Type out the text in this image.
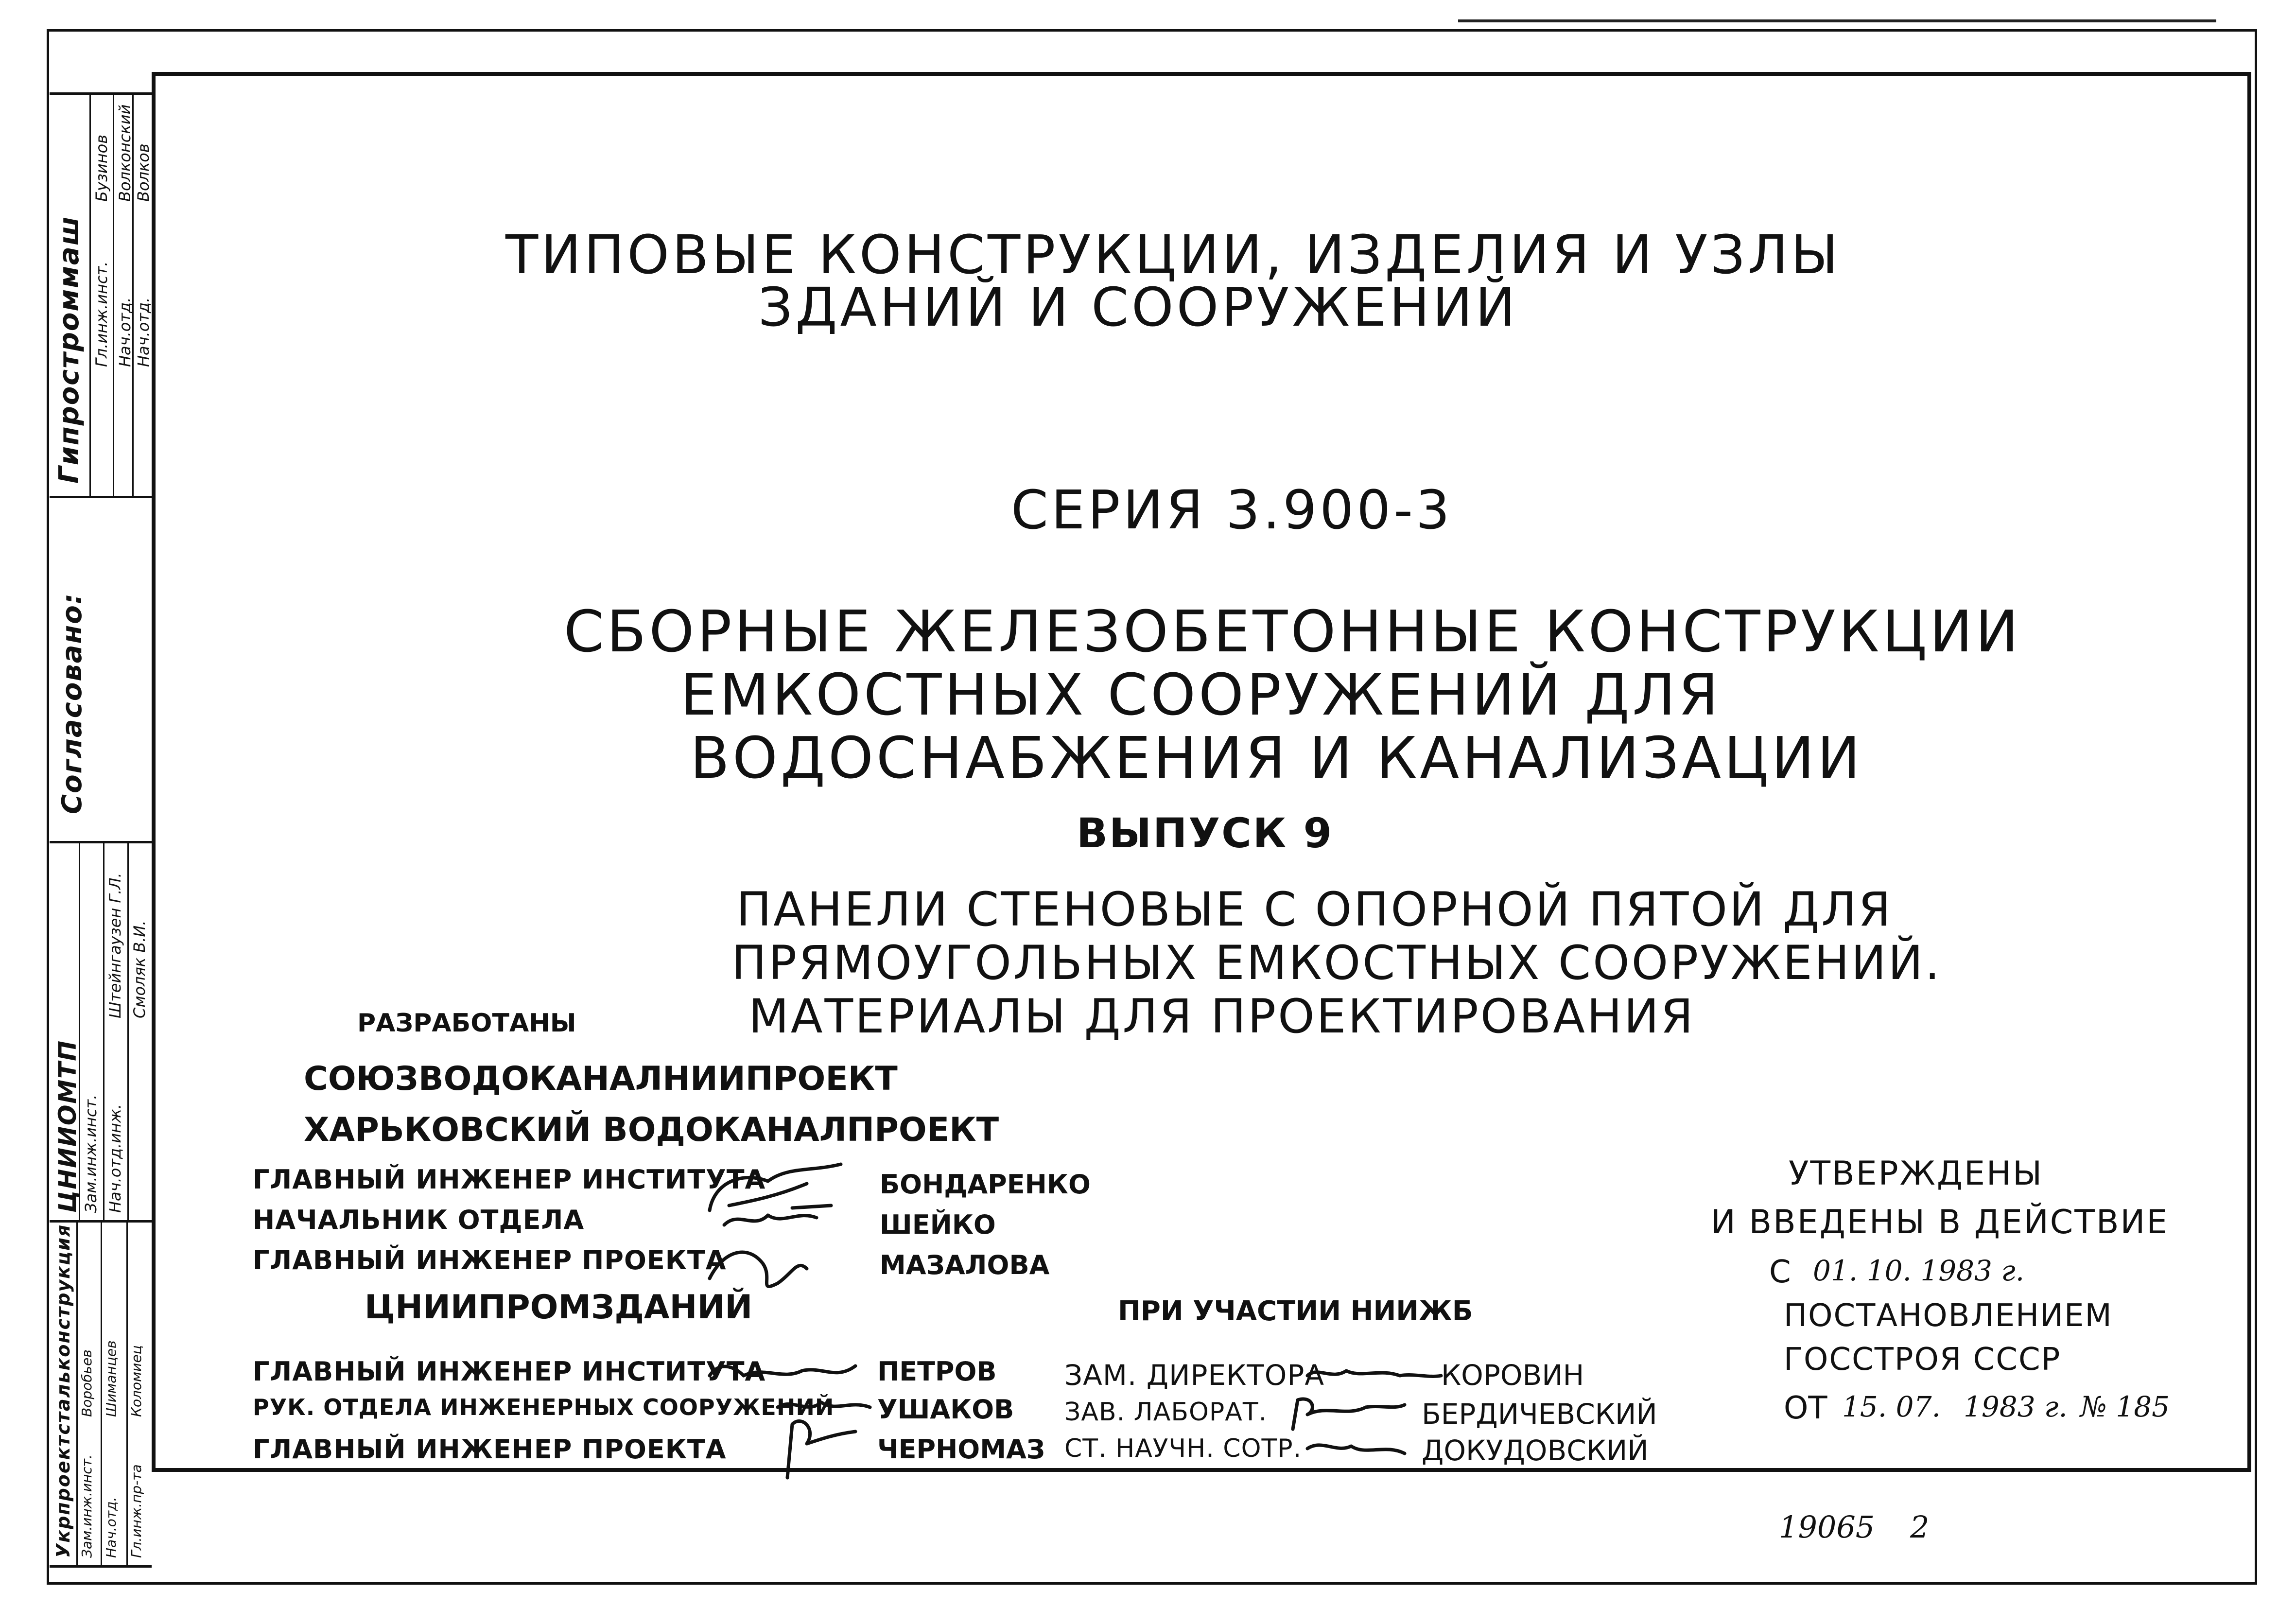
Гипростроммаш Гл.инж.инст. Нач.отд. Нач.отд.
Бузинов Волконский Волков
Согласовано:
ЦНИИОМТП Зам.инж.инст. Нач.отд.инж.
Штейнгаузен Г.Л. Смоляк В.И.
Укрпроектстальконструкция Зам.инж.инст. Нач.отд. Гл.инж.пр-та
Шиманцев Коломиец
Воробьев
ТИПОВЫЕ КОНСТРУКЦИИ, ИЗДЕЛИЯ И УЗЛЫ
ЗДАНИЙ И СООРУЖЕНИЙ
СЕРИЯ 3.900-3
СБОРНЫЕ ЖЕЛЕЗОБЕТОННЫЕ КОНСТРУКЦИИ
ЕМКОСТНЫХ СООРУЖЕНИЙ ДЛЯ
ВОДОСНАБЖЕНИЯ И КАНАЛИЗАЦИИ
ВЫПУСК 9
ПАНЕЛИ СТЕНОВЫЕ С ОПОРНОЙ ПЯТОЙ ДЛЯ
ПРЯМОУГОЛЬНЫХ ЕМКОСТНЫХ СООРУЖЕНИЙ.
МАТЕРИАЛЫ ДЛЯ ПРОЕКТИРОВАНИЯ
РАЗРАБОТАНЫ
СОЮЗВОДОКАНАЛНИИПРОЕКТ
ХАРЬКОВСКИЙ ВОДОКАНАЛПРОЕКТ
ГЛАВНЫЙ ИНЖЕНЕР ИНСТИТУТА
НАЧАЛЬНИК ОТДЕЛА
ГЛАВНЫЙ ИНЖЕНЕР ПРОЕКТА
БОНДАРЕНКО
ШЕЙКО
МАЗАЛОВА
ЦНИИПРОМЗДАНИЙ
ГЛАВНЫЙ ИНЖЕНЕР ИНСТИТУТА
РУК. ОТДЕЛА ИНЖЕНЕРНЫХ СООРУЖЕНИЙ
ГЛАВНЫЙ ИНЖЕНЕР ПРОЕКТА
ПЕТРОВ
УШАКОВ
ЧЕРНОМАЗ
ПРИ УЧАСТИИ НИИЖБ
ЗАМ. ДИРЕКТОРА
ЗАВ. ЛАБОРАТ.
СТ. НАУЧН. СОТР.
КОРОВИН
БЕРДИЧЕВСКИЙ
ДОКУДОВСКИЙ
УТВЕРЖДЕНЫ
И ВВЕДЕНЫ В ДЕЙСТВИЕ
С 01. 10. 1983 г.
ПОСТАНОВЛЕНИЕМ
ГОССТРОЯ СССР
ОТ 15. 07. 1983 г. № 185
19065 2
